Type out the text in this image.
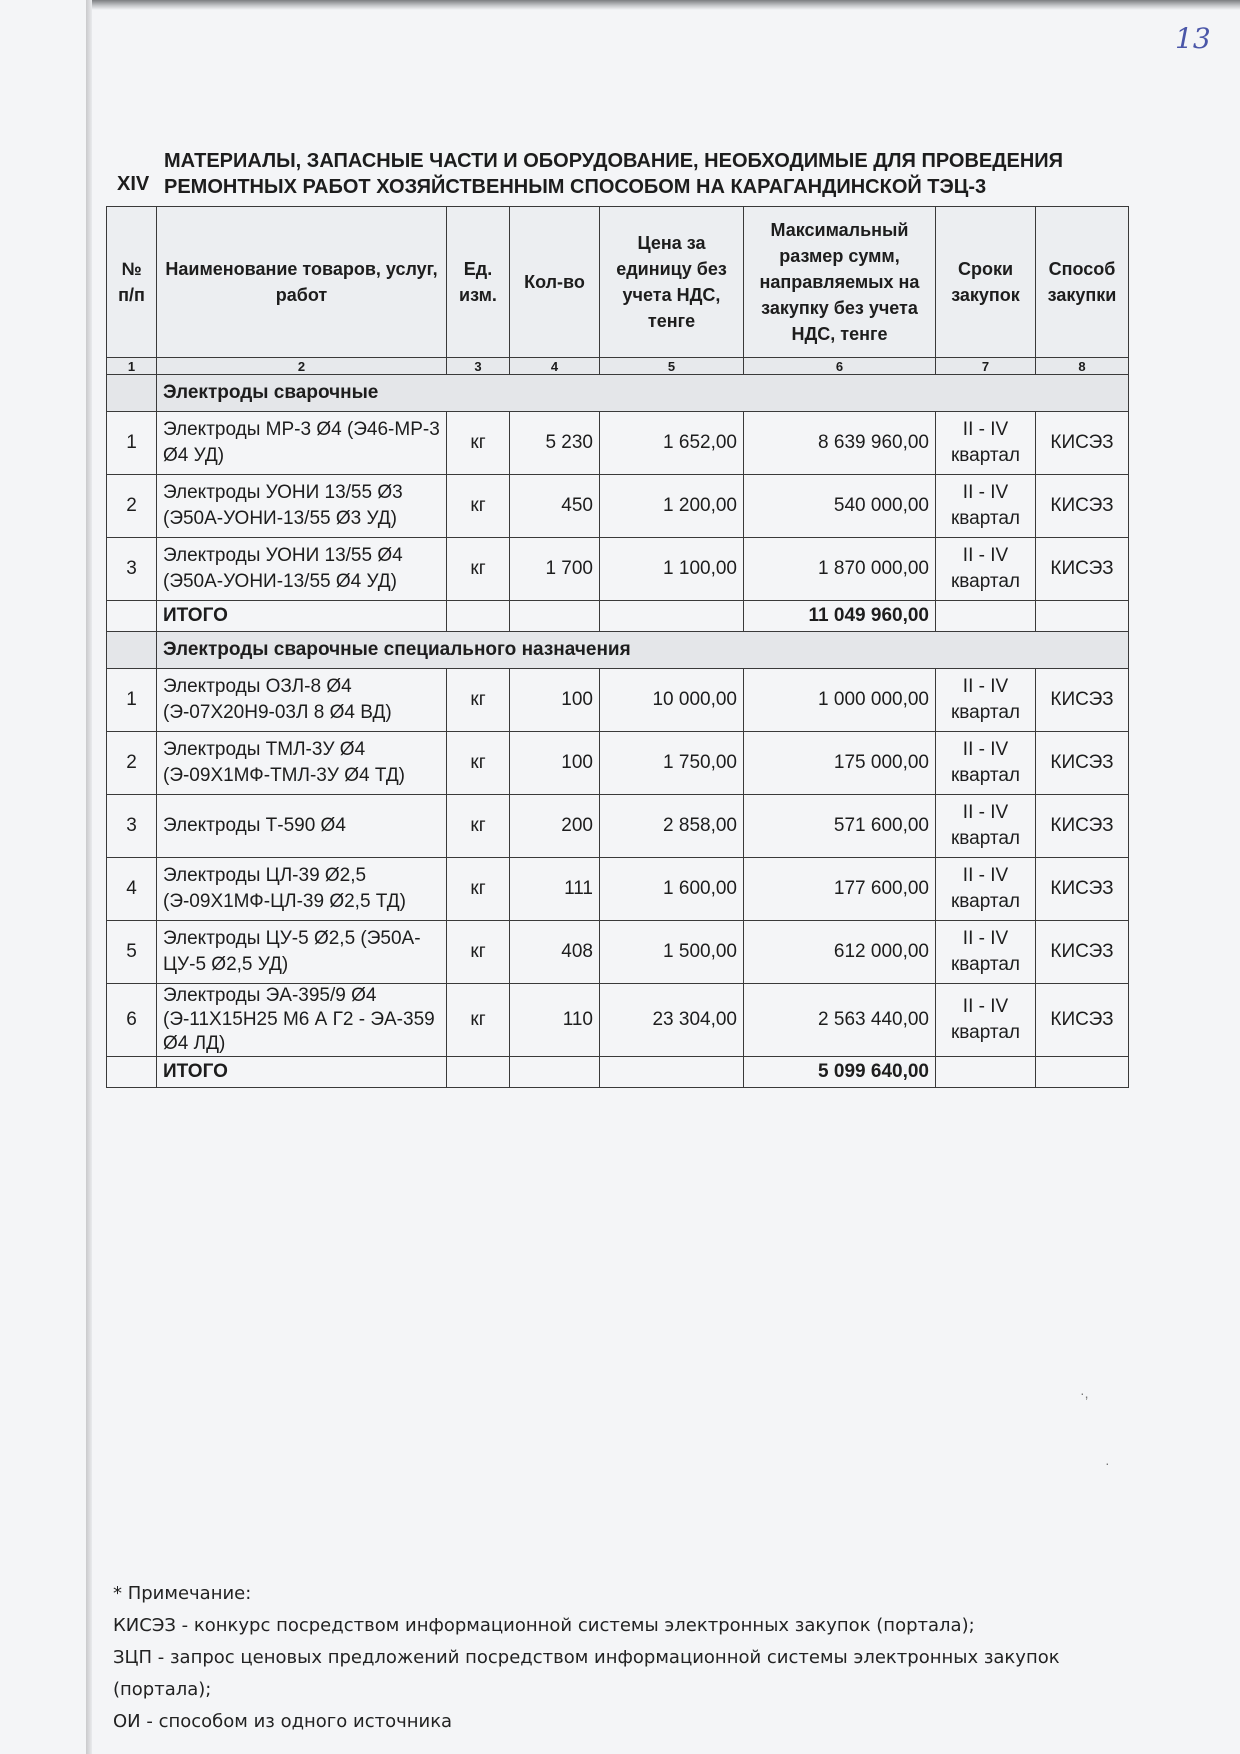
13
XIV
МАТЕРИАЛЫ, ЗАПАСНЫЕ ЧАСТИ И ОБОРУДОВАНИЕ, НЕОБХОДИМЫЕ ДЛЯ ПРОВЕДЕНИЯ РЕМОНТНЫХ РАБОТ ХОЗЯЙСТВЕННЫМ СПОСОБОМ НА КАРАГАНДИНСКОЙ ТЭЦ-3
№ п/п	Наименование товаров, услуг, работ	Ед. изм.	Кол-во	Цена за единицу без учета НДС, тенге	Максимальный размер сумм, направляемых на закупку без учета НДС, тенге	Сроки закупок	Способ закупки
1	2	3	4	5	6	7	8
	Электроды сварочные						
1	Электроды МР-3 Ø4 (Э46-МР-3 Ø4 УД)	кг	5 230	1 652,00	8 639 960,00	II - IV квартал	КИСЭЗ
2	Электроды УОНИ 13/55 Ø3 (Э50А-УОНИ-13/55 Ø3 УД)	кг	450	1 200,00	540 000,00	II - IV квартал	КИСЭЗ
3	Электроды УОНИ 13/55 Ø4 (Э50А-УОНИ-13/55 Ø4 УД)	кг	1 700	1 100,00	1 870 000,00	II - IV квартал	КИСЭЗ
	ИТОГО				11 049 960,00		
	Электроды сварочные специального назначения						
1	Электроды ОЗЛ-8 Ø4 (Э-07Х20Н9-03Л 8 Ø4 ВД)	кг	100	10 000,00	1 000 000,00	II - IV квартал	КИСЭЗ
2	Электроды ТМЛ-3У Ø4 (Э-09Х1МФ-ТМЛ-3У Ø4 ТД)	кг	100	1 750,00	175 000,00	II - IV квартал	КИСЭЗ
3	Электроды Т-590 Ø4	кг	200	2 858,00	571 600,00	II - IV квартал	КИСЭЗ
4	Электроды ЦЛ-39 Ø2,5 (Э-09Х1МФ-ЦЛ-39 Ø2,5 ТД)	кг	111	1 600,00	177 600,00	II - IV квартал	КИСЭЗ
5	Электроды ЦУ-5 Ø2,5 (Э50А-ЦУ-5 Ø2,5 УД)	кг	408	1 500,00	612 000,00	II - IV квартал	КИСЭЗ
6	Электроды ЭА-395/9 Ø4 (Э-11Х15Н25 М6 А Г2 - ЭА-359 Ø4 ЛД)	кг	110	23 304,00	2 563 440,00	II - IV квартал	КИСЭЗ
	ИТОГО				5 099 640,00		
·,
·

* Примечание:

КИСЭЗ - конкурс посредством информационной системы электронных закупок (портала);

ЗЦП - запрос ценовых предложений посредством информационной системы электронных закупок (портала);

ОИ - способом из одного источника
